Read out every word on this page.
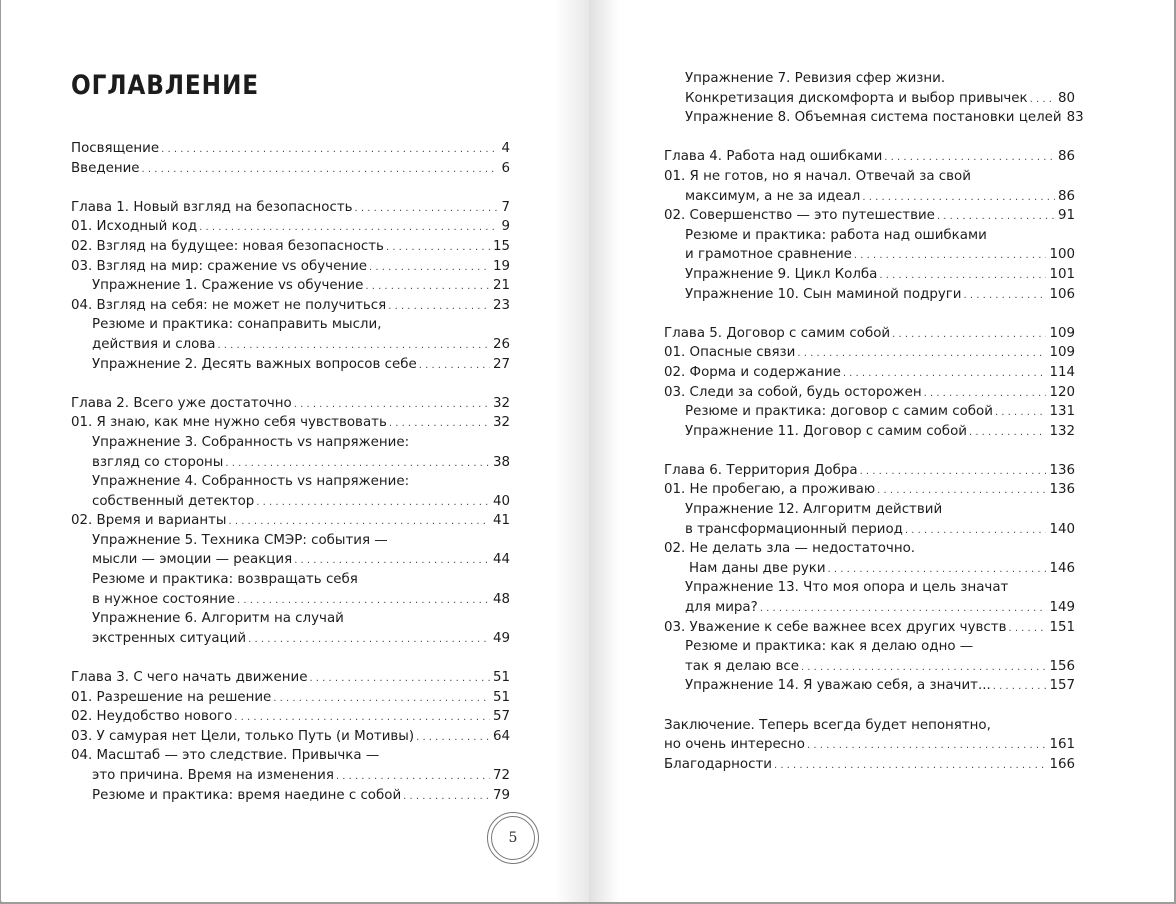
ОГЛАВЛЕНИЕ
Посвящение . . .	4
Введение . . .	6
Глава 1. Новый взгляд на безопасность . . .	7
01. Исходный код . . .	9
02. Взгляд на будущее: новая безопасность . . .	15
03. Взгляд на мир: сражение vs обучение . . .	19
Упражнение 1. Сражение vs обучение . . .	21
04. Взгляд на себя: не может не получиться . . .	23
Резюме и практика: сонаправить мысли,
действия и слова . . .	26
Упражнение 2. Десять важных вопросов себе . . .	27
Глава 2. Всего уже достаточно . . .	32
01. Я знаю, как мне нужно себя чувствовать . . .	32
Упражнение 3. Собранность vs напряжение:
взгляд со стороны . . .	38
Упражнение 4. Собранность vs напряжение:
собственный детектор . . .	40
02. Время и варианты . . .	41
Упражнение 5. Техника СМЭР: события —
мысли — эмоции — реакция . . .	44
Резюме и практика: возвращать себя
в нужное состояние . . .	48
Упражнение 6. Алгоритм на случай
экстренных ситуаций . . .	49
Глава 3. С чего начать движение . . .	51
01. Разрешение на решение . . .	51
02. Неудобство нового . . .	57
03. У самурая нет Цели, только Путь (и Мотивы) . . .	64
04. Масштаб — это следствие. Привычка —
это причина. Время на изменения . . .	72
Резюме и практика: время наедине с собой . . .	79
5
Упражнение 7. Ревизия сфер жизни.
Конкретизация дискомфорта и выбор привычек . . . 80
Упражнение 8. Объемная система постановки целей 83
Глава 4. Работа над ошибками . . .	86
01. Я не готов, но я начал. Отвечай за свой
максимум, а не за идеал . . .	86
02. Совершенство — это путешествие . . .	91
Резюме и практика: работа над ошибками
и грамотное сравнение . . .	100
Упражнение 9. Цикл Колба . . .	101
Упражнение 10. Сын маминой подруги . . .	106
Глава 5. Договор с самим собой . . .	109
01. Опасные связи . . .	109
02. Форма и содержание . . .	114
03. Следи за собой, будь осторожен . . .	120
Резюме и практика: договор с самим собой . . .	131
Упражнение 11. Договор с самим собой . . .	132
Глава 6. Территория Добра . . .	136
01. Не пробегаю, а проживаю . . .	136
Упражнение 12. Алгоритм действий
в трансформационный период . . .	140
02. Не делать зла — недостаточно.
Нам даны две руки . . .	146
Упражнение 13. Что моя опора и цель значат
для мира? . . .	149
03. Уважение к себе важнее всех других чувств . . .	151
Резюме и практика: как я делаю одно —
так я делаю все . . .	156
Упражнение 14. Я уважаю себя, а значит... . . .	157
Заключение. Теперь всегда будет непонятно,
но очень интересно . . .	161
Благодарности . . .	166
